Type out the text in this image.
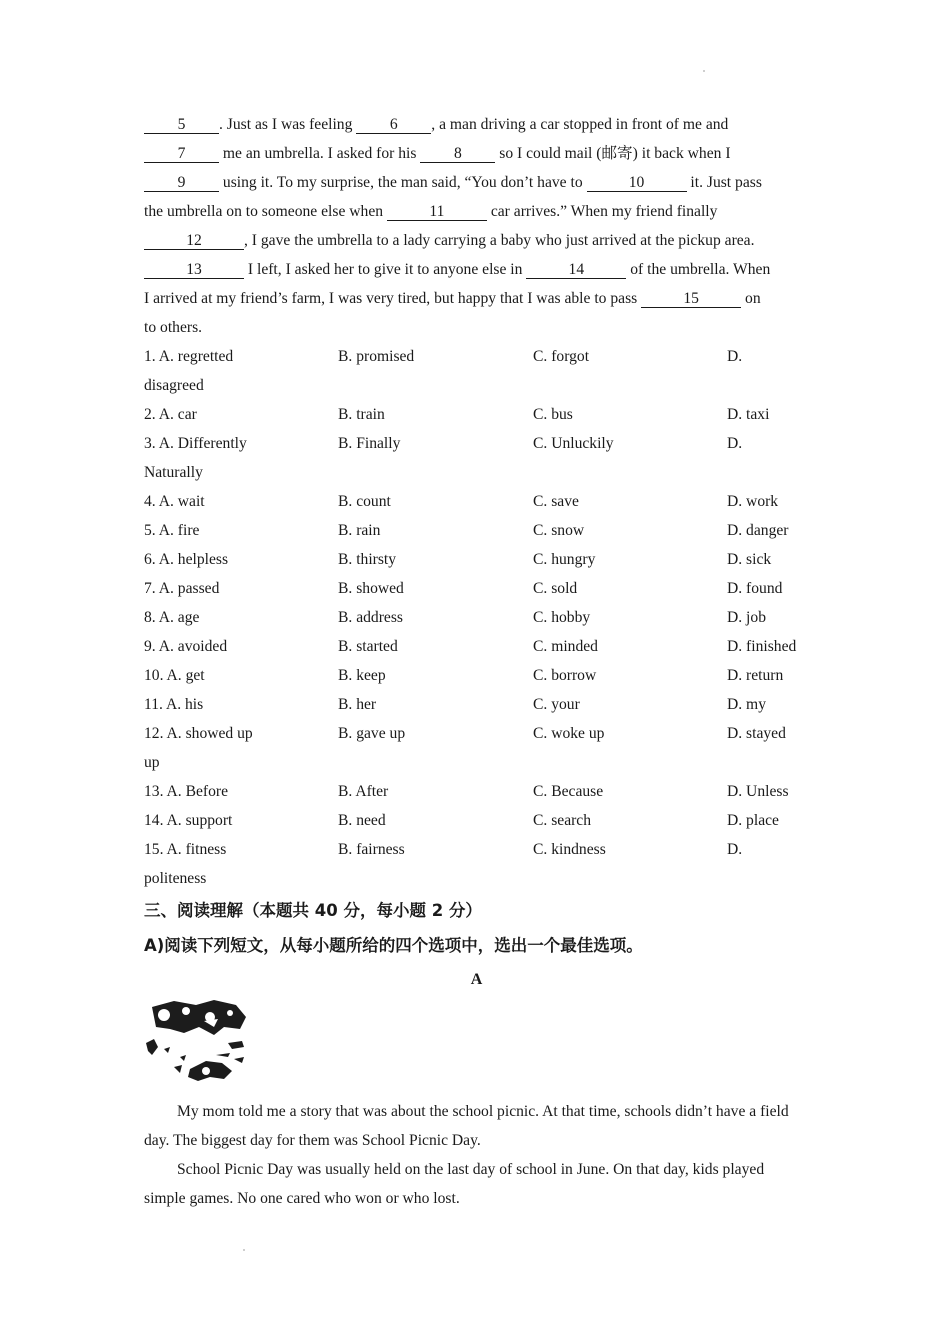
5 . Just as I was feeling 6 , a man driving a car stopped in front of me and
7 me an umbrella. I asked for his 8 so I could mail (邮寄) it back when I
9 using it. To my surprise, the man said, “You don’t have to	10	it. Just pass
the umbrella on to someone else when	11	car arrives.” When my friend finally
12	, I gave the umbrella to a lady carrying a baby who just arrived at the pickup area.
13	I left, I asked her to give it to anyone else in	14	of the umbrella. When
I arrived at my friend’s farm, I was very tired, but happy that I was able to pass	15	on
to others.
1. A. regretted	B. promised	C. forgot	D.
disagreed
2. A. car	B. train	C. bus	D. taxi
3. A. Differently	B. Finally	C. Unluckily	D.
Naturally
4. A. wait	B. count	C. save	D. work
5. A. fire	B. rain	C. snow	D. danger
6. A. helpless	B. thirsty	C. hungry	D. sick
7. A. passed	B. showed	C. sold	D. found
8. A. age	B. address	C. hobby	D. job
9. A. avoided	B. started	C. minded	D. finished
10. A. get	B. keep	C. borrow	D. return
11. A. his	B. her	C. your	D. my
12. A. showed up	B. gave up	C. woke up	D. stayed
up
13. A. Before	B. After	C. Because	D. Unless
14. A. support	B. need	C. search	D. place
15. A. fitness	B. fairness	C. kindness	D.
politeness
三、阅读理解（本题共 40 分，每小题 2 分）
A)阅读下列短文，从每小题所给的四个选项中，选出一个最佳选项。
A
My mom told me a story that was about the school picnic. At that time, schools didn’t have a field day. The biggest day for them was School Picnic Day.
School Picnic Day was usually held on the last day of school in June. On that day, kids played simple games. No one cared who won or who lost.
